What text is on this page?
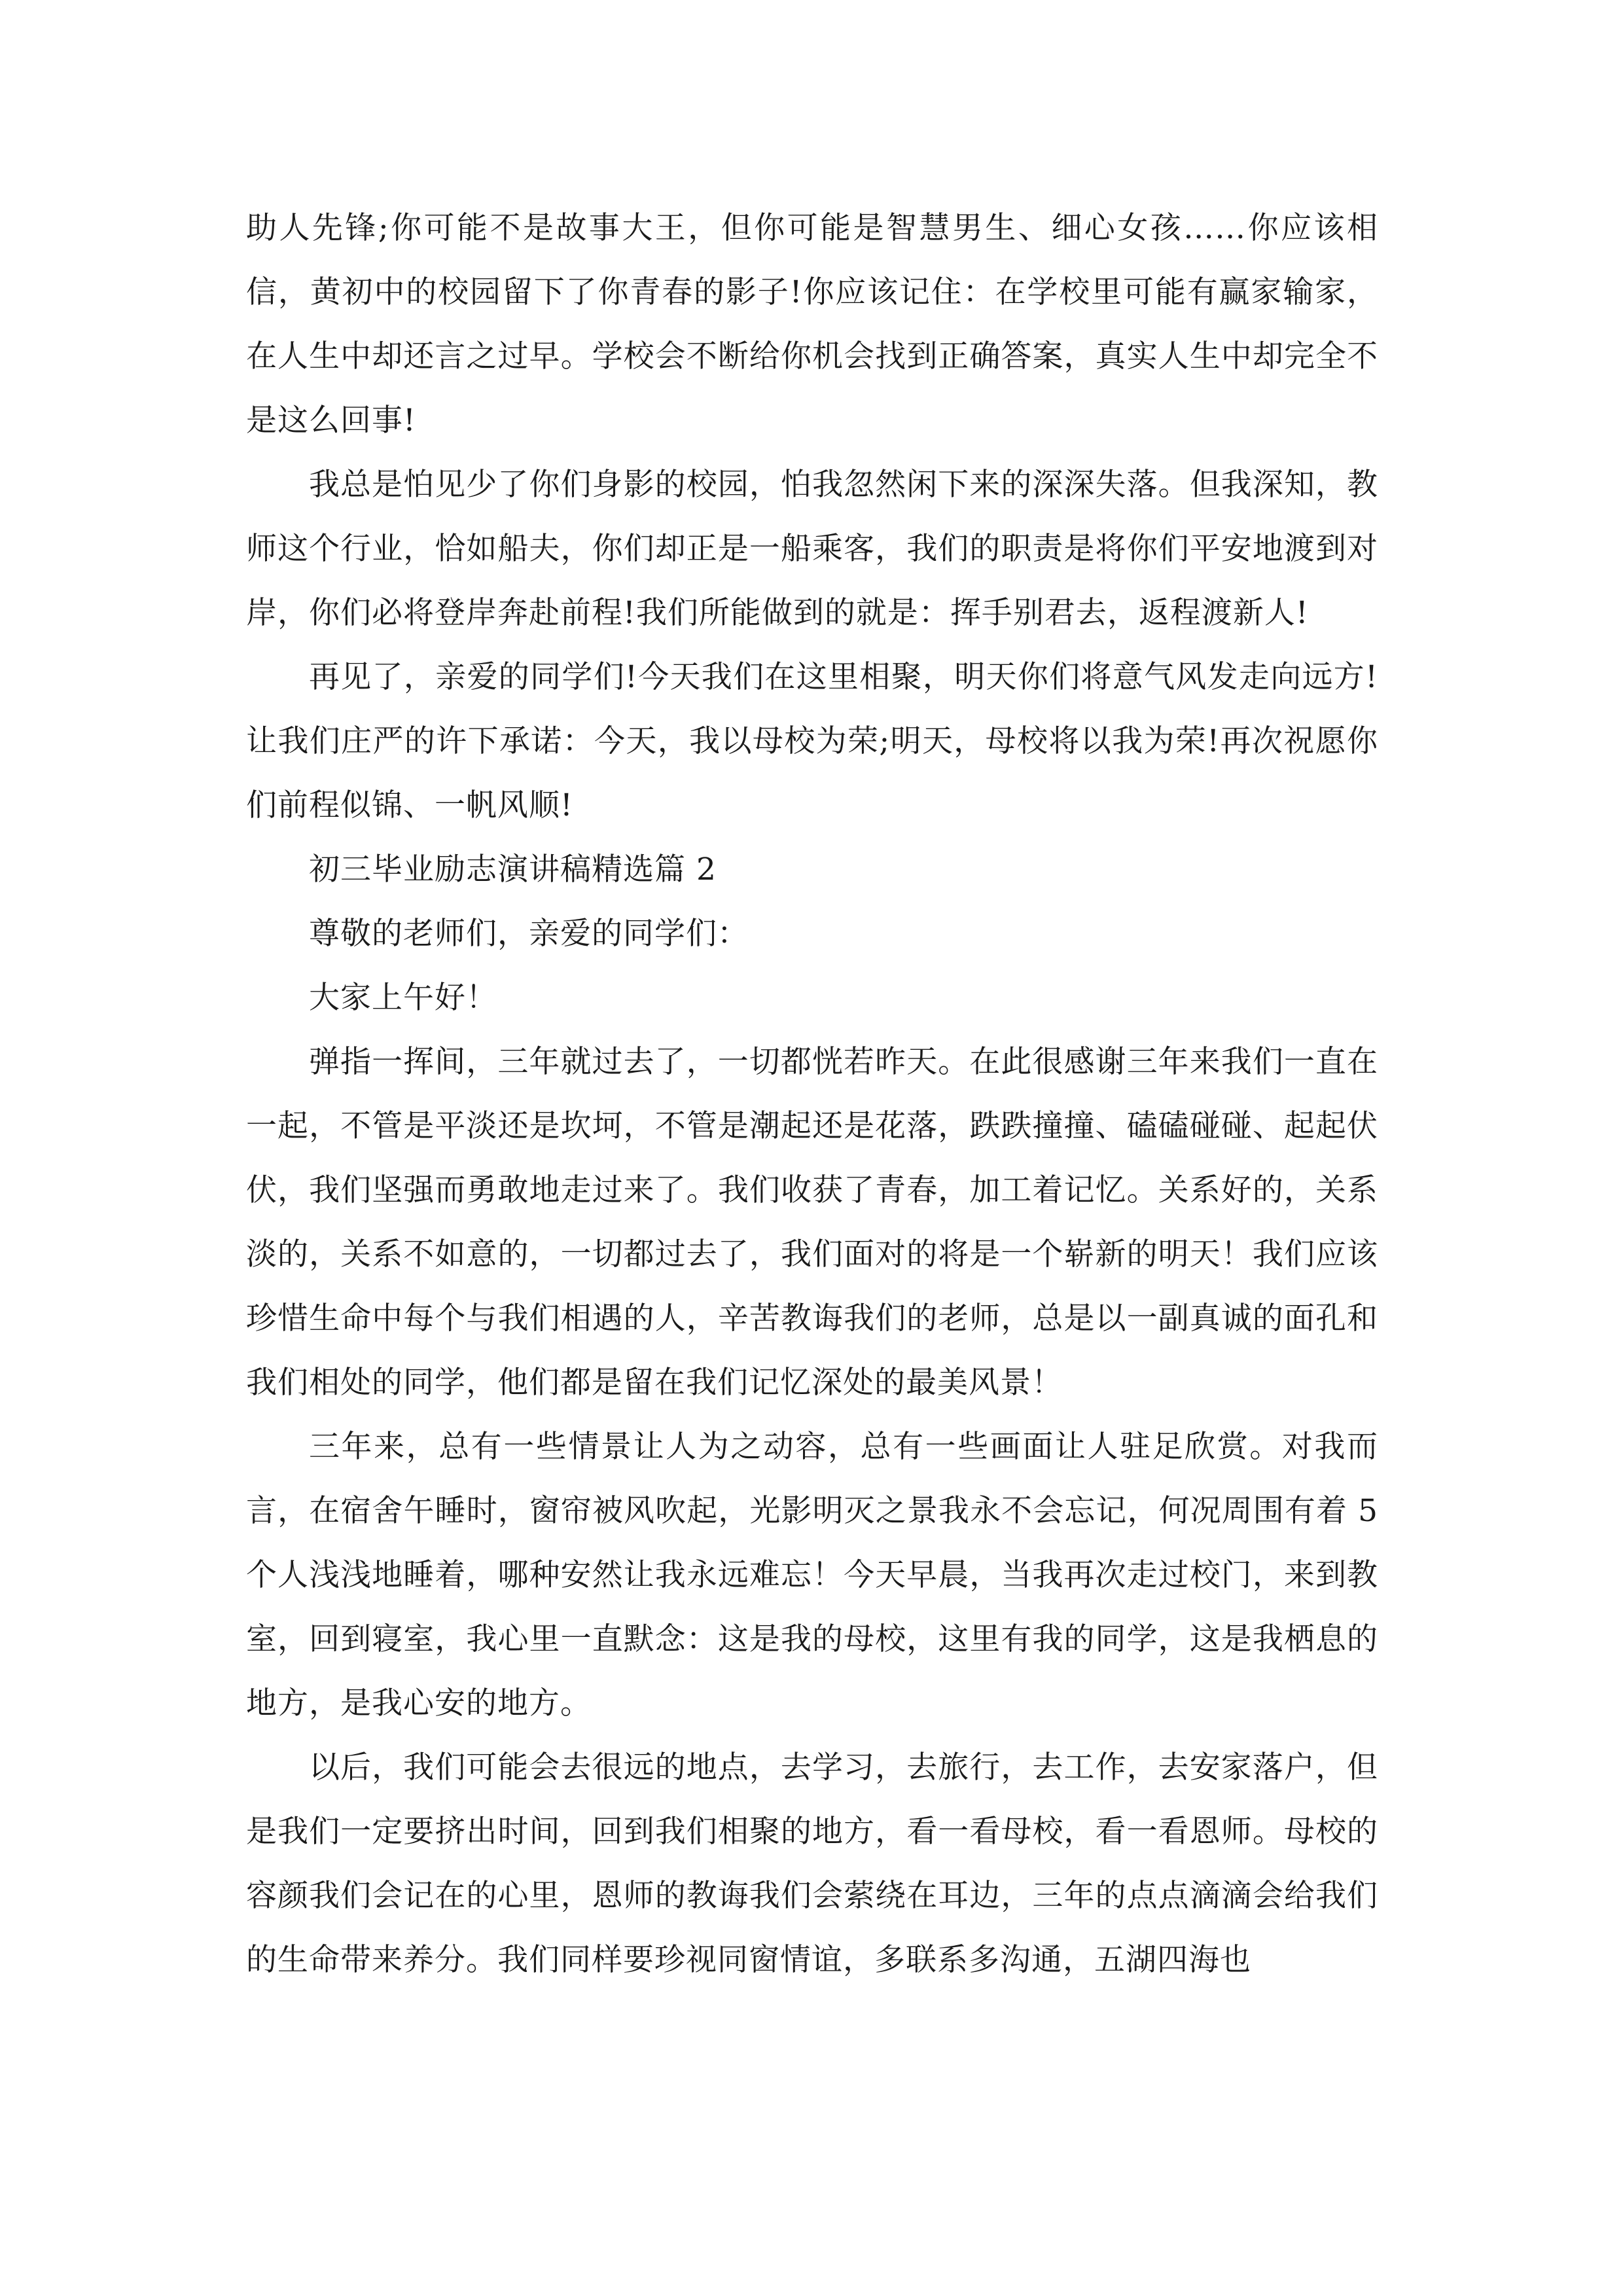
助人先锋;你可能不是故事大王，但你可能是智慧男生、细心女孩……你应该相信，黄初中的校园留下了你青春的影子!你应该记住：在学校里可能有赢家输家，在人生中却还言之过早。学校会不断给你机会找到正确答案，真实人生中却完全不是这么回事!

我总是怕见少了你们身影的校园，怕我忽然闲下来的深深失落。但我深知，教师这个行业，恰如船夫，你们却正是一船乘客，我们的职责是将你们平安地渡到对岸，你们必将登岸奔赴前程!我们所能做到的就是：挥手别君去，返程渡新人!

再见了，亲爱的同学们!今天我们在这里相聚，明天你们将意气风发走向远方!让我们庄严的许下承诺：今天，我以母校为荣;明天，母校将以我为荣!再次祝愿你们前程似锦、一帆风顺!

初三毕业励志演讲稿精选篇 2

尊敬的老师们，亲爱的同学们：

大家上午好！

弹指一挥间，三年就过去了，一切都恍若昨天。在此很感谢三年来我们一直在一起，不管是平淡还是坎坷，不管是潮起还是花落，跌跌撞撞、磕磕碰碰、起起伏伏，我们坚强而勇敢地走过来了。我们收获了青春，加工着记忆。关系好的，关系淡的，关系不如意的，一切都过去了，我们面对的将是一个崭新的明天！我们应该珍惜生命中每个与我们相遇的人，辛苦教诲我们的老师，总是以一副真诚的面孔和我们相处的同学，他们都是留在我们记忆深处的最美风景！

三年来，总有一些情景让人为之动容，总有一些画面让人驻足欣赏。对我而言，在宿舍午睡时，窗帘被风吹起，光影明灭之景我永不会忘记，何况周围有着 5 个人浅浅地睡着，哪种安然让我永远难忘！今天早晨，当我再次走过校门，来到教室，回到寝室，我心里一直默念：这是我的母校，这里有我的同学，这是我栖息的地方，是我心安的地方。

以后，我们可能会去很远的地点，去学习，去旅行，去工作，去安家落户，但是我们一定要挤出时间，回到我们相聚的地方，看一看母校，看一看恩师。母校的容颜我们会记在的心里，恩师的教诲我们会萦绕在耳边，三年的点点滴滴会给我们的生命带来养分。我们同样要珍视同窗情谊，多联系多沟通，五湖四海也
